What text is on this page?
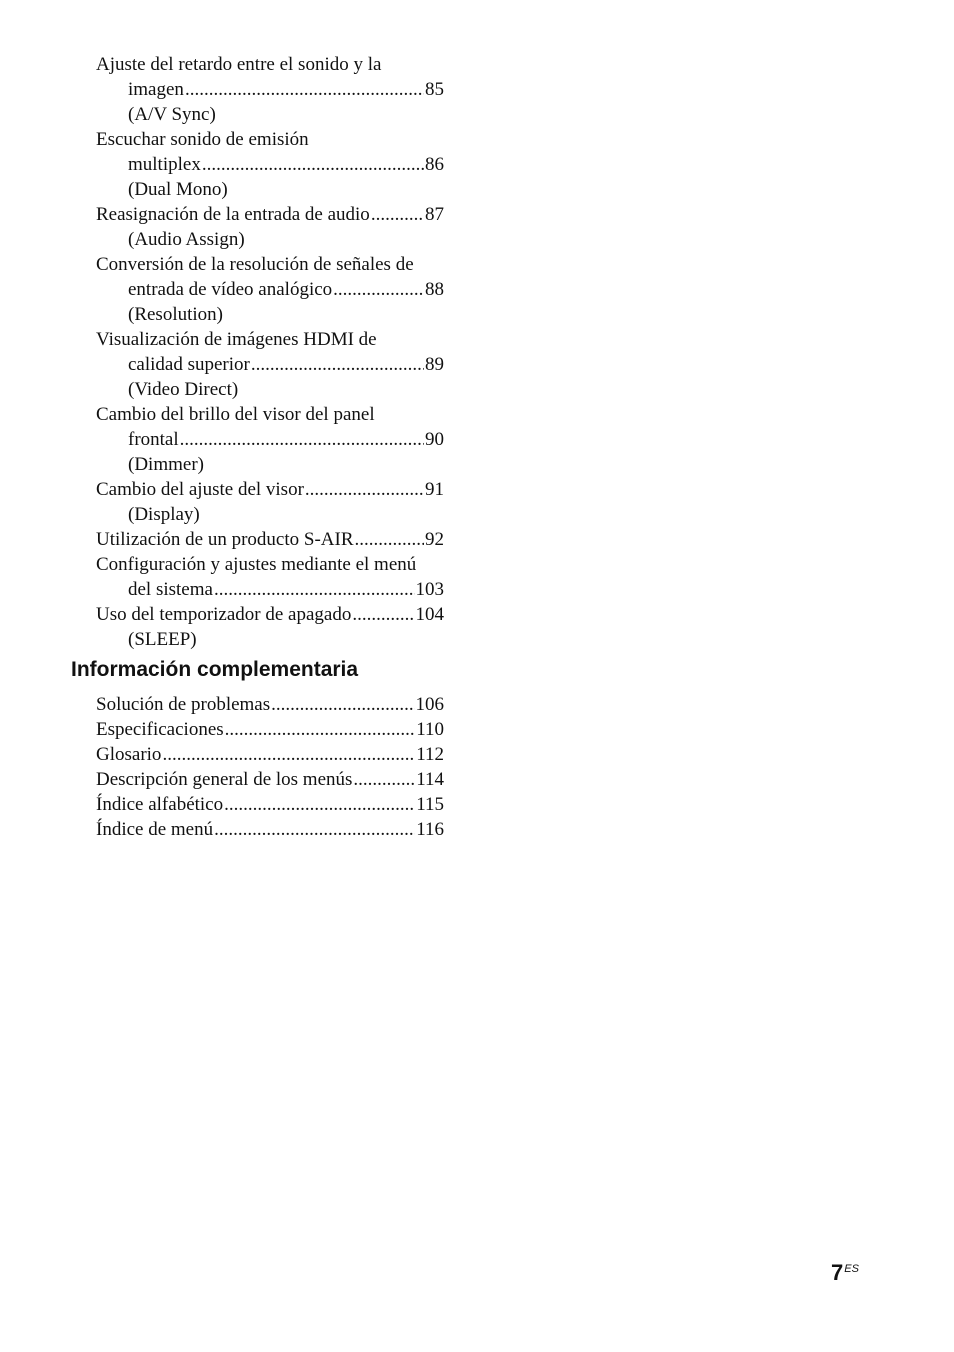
Ajuste del retardo entre el sonido y la
imagen .....	85
(A/V Sync)
Escuchar sonido de emisión
multiplex .....	86
(Dual Mono)
Reasignación de la entrada de audio .....	87
(Audio Assign)
Conversión de la resolución de señales de
entrada de vídeo analógico .....	88
(Resolution)
Visualización de imágenes HDMI de
calidad superior .....	89
(Video Direct)
Cambio del brillo del visor del panel
frontal .....	90
(Dimmer)
Cambio del ajuste del visor .....	91
(Display)
Utilización de un producto S-AIR .....	92
Configuración y ajustes mediante el menú
del sistema .....	103
Uso del temporizador de apagado .....	104
(SLEEP)
Información complementaria
Solución de problemas .....	106
Especificaciones .....	110
Glosario .....	112
Descripción general de los menús .....	114
Índice alfabético .....	115
Índice de menú .....	116
$7^{ES}$
